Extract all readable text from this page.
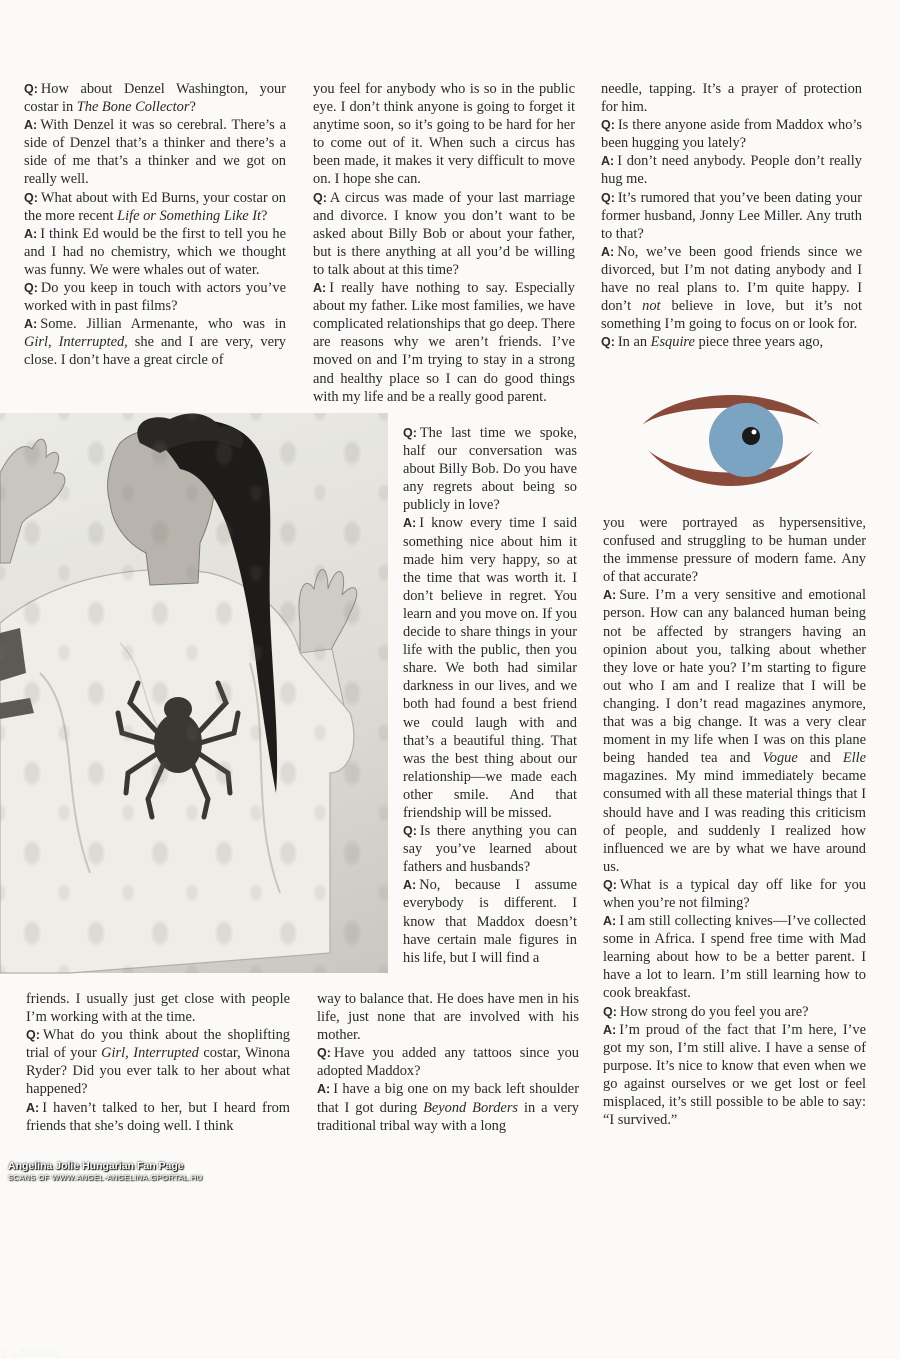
Q: How about Denzel Washington, your costar in The Bone Collector?

A: With Denzel it was so cerebral. There’s a side of Denzel that’s a thinker and there’s a side of me that’s a thinker and we got on really well.

Q: What about with Ed Burns, your costar on the more recent Life or Something Like It?

A: I think Ed would be the first to tell you he and I had no chemistry, which we thought was funny. We were whales out of water.

Q: Do you keep in touch with actors you’ve worked with in past films?

A: Some. Jillian Armenante, who was in Girl, Interrupted, she and I are very, very close. I don’t have a great circle of

y Libertine

friends. I usually just get close with people I’m working with at the time.

Q: What do you think about the shoplifting trial of your Girl, Interrupted costar, Winona Ryder? Did you ever talk to her about what happened?

A: I haven’t talked to her, but I heard from friends that she’s doing well. I think

you feel for anybody who is so in the public eye. I don’t think anyone is going to forget it anytime soon, so it’s going to be hard for her to come out of it. When such a circus has been made, it makes it very difficult to move on. I hope she can.

Q: A circus was made of your last marriage and divorce. I know you don’t want to be asked about Billy Bob or about your father, but is there anything at all you’d be willing to talk about at this time?

A: I really have nothing to say. Especially about my father. Like most families, we have complicated relationships that go deep. There are reasons why we aren’t friends. I’ve moved on and I’m trying to stay in a strong and healthy place so I can do good things with my life and be a really good parent.

Q: The last time we spoke, half our conversation was about Billy Bob. Do you have any regrets about being so publicly in love?

A: I know every time I said something nice about him it made him very happy, so at the time that was worth it. I don’t believe in regret. You learn and you move on. If you decide to share things in your life with the public, then you share. We both had similar darkness in our lives, and we both had found a best friend we could laugh with and that’s a beautiful thing. That was the best thing about our relationship—we made each other smile. And that friendship will be missed.

Q: Is there anything you can say you’ve learned about fathers and husbands?

A: No, because I assume everybody is different. I know that Maddox doesn’t have certain male figures in his life, but I will find a

way to balance that. He does have men in his life, just none that are involved with his mother.

Q: Have you added any tattoos since you adopted Maddox?

A: I have a big one on my back left shoulder that I got during Beyond Borders in a very traditional tribal way with a long

needle, tapping. It’s a prayer of protection for him.

Q: Is there anyone aside from Maddox who’s been hugging you lately?

A: I don’t need anybody. People don’t really hug me.

Q: It’s rumored that you’ve been dating your former husband, Jonny Lee Miller. Any truth to that?

A: No, we’ve been good friends since we divorced, but I’m not dating anybody and I have no real plans to. I’m quite happy. I don’t not believe in love, but it’s not something I’m going to focus on or look for.

Q: In an Esquire piece three years ago,

you were portrayed as hypersensitive, confused and struggling to be human under the immense pressure of modern fame. Any of that accurate?

A: Sure. I’m a very sensitive and emotional person. How can any balanced human being not be affected by strangers having an opinion about you, talking about whether they love or hate you? I’m starting to figure out who I am and I realize that I will be changing. I don’t read magazines anymore, that was a big change. It was a very clear moment in my life when I was on this plane being handed tea and Vogue and Elle magazines. My mind immediately became consumed with all these material things that I should have and I was reading this criticism of people, and suddenly I realized how influenced we are by what we have around us.

Q: What is a typical day off like for you when you’re not filming?

A: I am still collecting knives—I’ve collected some in Africa. I spend free time with Mad learning about how to be a better parent. I have a lot to learn. I’m still learning how to cook breakfast.

Q: How strong do you feel you are?

A: I’m proud of the fact that I’m here, I’ve got my son, I’m still alive. I have a sense of purpose. It’s nice to know that even when we go against ourselves or we get lost or feel misplaced, it’s still possible to be able to say: “I survived.”

Angelina Jolie Hungarian Fan Page
SCANS OF WWW.ANGEL-ANGELINA.GPORTAL.HU
